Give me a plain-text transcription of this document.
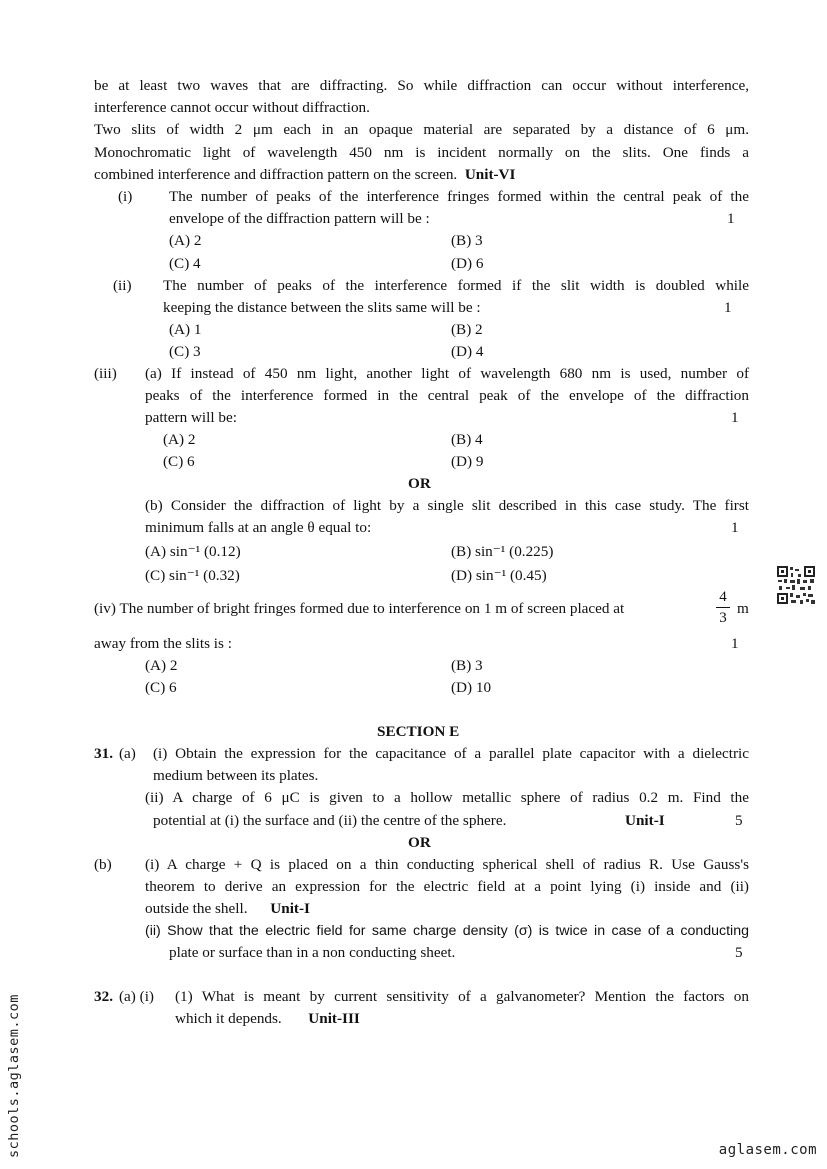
be at least two waves that are diffracting. So while diffraction can occur without interference,
interference cannot occur without diffraction.
Two slits of width 2 μm each in an opaque material are separated by a distance of 6 μm.
Monochromatic light of wavelength 450 nm is incident normally on the slits. One finds a
combined interference and diffraction pattern on the screen. Unit-VI
(i) The number of peaks of the interference fringes formed within the central peak of the
envelope of the diffraction pattern will be :	1
(A) 2	(B) 3
(C) 4	(D) 6
(ii) The number of peaks of the interference formed if the slit width is doubled while
keeping the distance between the slits same will be :	1
(A) 1	(B) 2
(C) 3	(D) 4
(iii) (a) If instead of 450 nm light, another light of wavelength 680 nm is used, number of
peaks of the interference formed in the central peak of the envelope of the diffraction
pattern will be:	1
(A) 2	(B) 4
(C) 6	(D) 9
OR
(b) Consider the diffraction of light by a single slit described in this case study. The first
minimum falls at an angle θ equal to:	1
(A) sin⁻¹ (0.12)	(B) sin⁻¹ (0.225)
(C) sin⁻¹ (0.32)	(D) sin⁻¹ (0.45)
(iv) The number of bright fringes formed due to interference on 1 m of screen placed at
4
3
m
away from the slits is :	1
(A) 2	(B) 3
(C) 6	(D) 10
SECTION E
31. (a) (i) Obtain the expression for the capacitance of a parallel plate capacitor with a dielectric
medium between its plates.
(ii) A charge of 6 μC is given to a hollow metallic sphere of radius 0.2 m. Find the
potential at (i) the surface and (ii) the centre of the sphere.	Unit-I	5
OR
(b) (i) A charge + Q is placed on a thin conducting spherical shell of radius R. Use Gauss's
theorem to derive an expression for the electric field at a point lying (i) inside and (ii)
outside the shell. Unit-I
(ii) Show that the electric field for same charge density (σ) is twice in case of a conducting
plate or surface than in a non conducting sheet.	5
32. (a) (i) (1) What is meant by current sensitivity of a galvanometer? Mention the factors on
which it depends. Unit-III
schools.aglasem.com	aglasem.com
